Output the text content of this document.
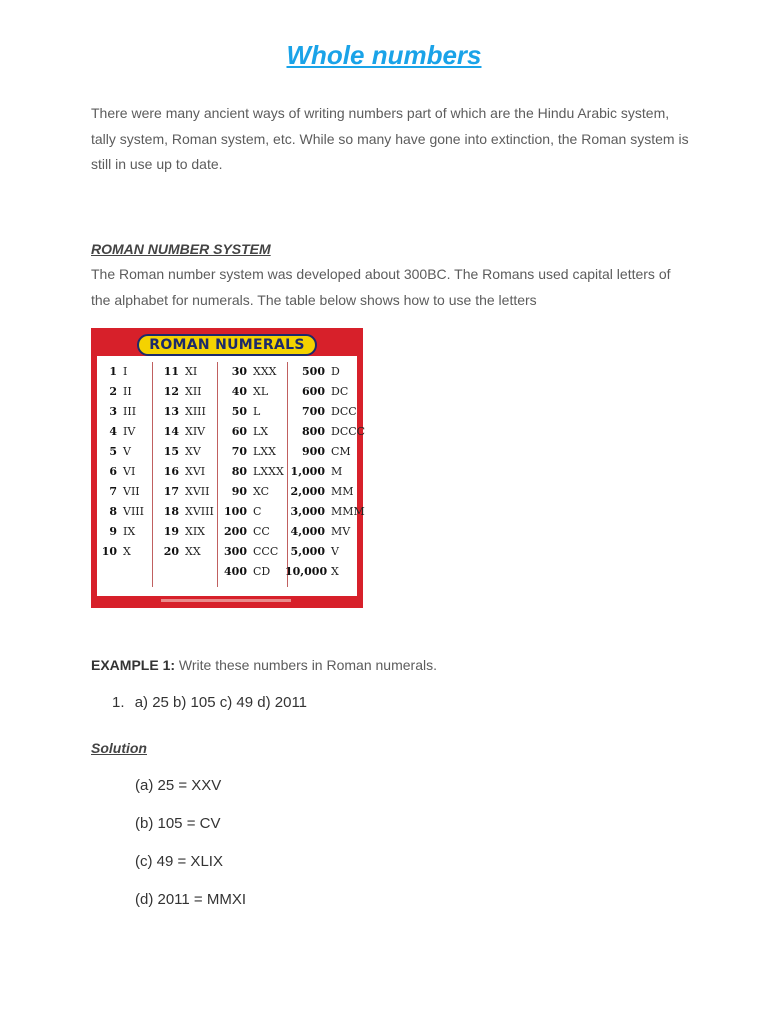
Whole numbers
There were many ancient ways of writing numbers part of which are the Hindu Arabic system, tally system, Roman system, etc. While so many have gone into extinction, the Roman system is still in use up to date.
ROMAN NUMBER SYSTEM
The Roman number system was developed about 300BC. The Romans used capital letters of the alphabet for numerals. The table below shows how to use the letters
1 I
2 II
3 III
4 IV
5 V
6 VI
7 VII
8 VIII
9 IX
10 X
11 XI
12 XII
13 XIII
14 XIV
15 XV
16 XVI
17 XVII
18 XVIII
19 XIX
20 XX
30 XXX
40 XL
50 L
60 LX
70 LXX
80 LXXX
90 XC
100 C
200 CC
300 CCC
400 CD
500 D
600 DC
700 DCC
800 DCCC
900 CM
1,000 M
2,000 MM
3,000 MMM
4,000 MV
5,000 V
10,000 X
ROMAN NUMERALS
EXAMPLE 1: Write these numbers in Roman numerals.
1. a) 25 b) 105 c) 49 d) 2011
Solution
(a) 25 = XXV
(b) 105 = CV
(c) 49 = XLIX
(d) 2011 = MMXI
